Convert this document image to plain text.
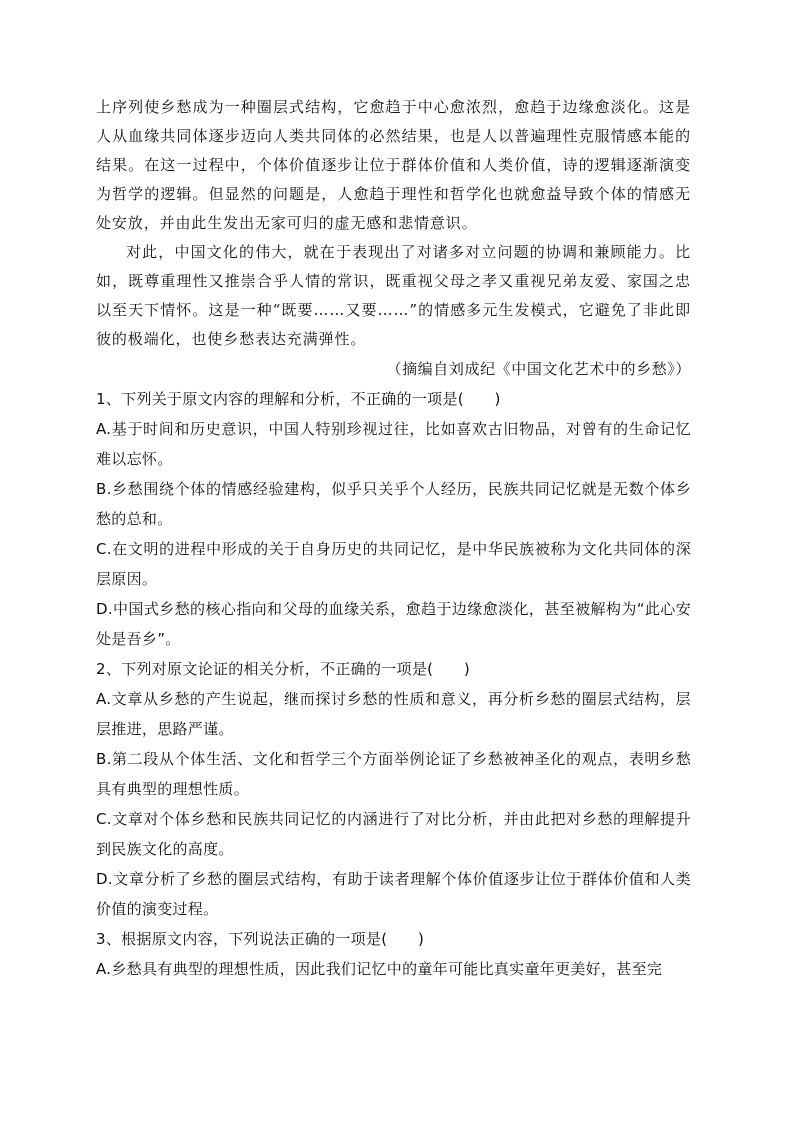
上序列使乡愁成为一种圈层式结构，它愈趋于中心愈浓烈，愈趋于边缘愈淡化。这是人从血缘共同体逐步迈向人类共同体的必然结果，也是人以普遍理性克服情感本能的结果。在这一过程中，个体价值逐步让位于群体价值和人类价值，诗的逻辑逐渐演变为哲学的逻辑。但显然的问题是，人愈趋于理性和哲学化也就愈益导致个体的情感无处安放，并由此生发出无家可归的虚无感和悲情意识。

对此，中国文化的伟大，就在于表现出了对诸多对立问题的协调和兼顾能力。比如，既尊重理性又推崇合乎人情的常识，既重视父母之孝又重视兄弟友爱、家国之忠以至天下情怀。这是一种“既要……又要……”的情感多元生发模式，它避免了非此即彼的极端化，也使乡愁表达充满弹性。

（摘编自刘成纪《中国文化艺术中的乡愁》）

1、下列关于原文内容的理解和分析，不正确的一项是(　　)

A.基于时间和历史意识，中国人特别珍视过往，比如喜欢古旧物品，对曾有的生命记忆难以忘怀。

B.乡愁围绕个体的情感经验建构，似乎只关乎个人经历，民族共同记忆就是无数个体乡愁的总和。

C.在文明的进程中形成的关于自身历史的共同记忆，是中华民族被称为文化共同体的深层原因。

D.中国式乡愁的核心指向和父母的血缘关系，愈趋于边缘愈淡化，甚至被解构为“此心安处是吾乡”。

2、下列对原文论证的相关分析，不正确的一项是(　　)

A.文章从乡愁的产生说起，继而探讨乡愁的性质和意义，再分析乡愁的圈层式结构，层层推进，思路严谨。

B.第二段从个体生活、文化和哲学三个方面举例论证了乡愁被神圣化的观点，表明乡愁具有典型的理想性质。

C.文章对个体乡愁和民族共同记忆的内涵进行了对比分析，并由此把对乡愁的理解提升到民族文化的高度。

D.文章分析了乡愁的圈层式结构，有助于读者理解个体价值逐步让位于群体价值和人类价值的演变过程。

3、根据原文内容，下列说法正确的一项是(　　)

A.乡愁具有典型的理想性质，因此我们记忆中的童年可能比真实童年更美好，甚至完
